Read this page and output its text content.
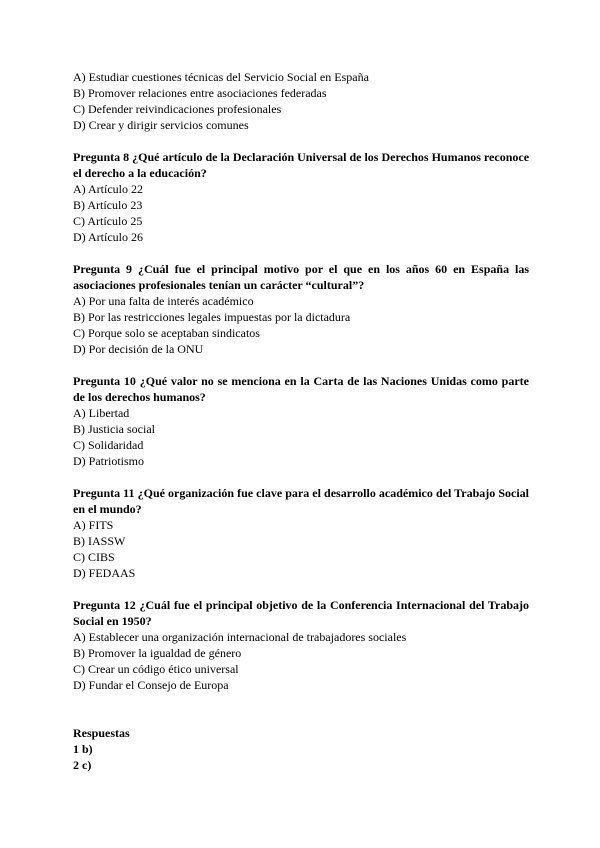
A) Estudiar cuestiones técnicas del Servicio Social en España
B) Promover relaciones entre asociaciones federadas
C) Defender reivindicaciones profesionales
D) Crear y dirigir servicios comunes
Pregunta 8 ¿Qué artículo de la Declaración Universal de los Derechos Humanos reconoce el derecho a la educación?
A) Artículo 22
B) Artículo 23
C) Artículo 25
D) Artículo 26
Pregunta 9 ¿Cuál fue el principal motivo por el que en los años 60 en España las asociaciones profesionales tenían un carácter “cultural”?
A) Por una falta de interés académico
B) Por las restricciones legales impuestas por la dictadura
C) Porque solo se aceptaban sindicatos
D) Por decisión de la ONU
Pregunta 10 ¿Qué valor no se menciona en la Carta de las Naciones Unidas como parte de los derechos humanos?
A) Libertad
B) Justicia social
C) Solidaridad
D) Patriotismo
Pregunta 11 ¿Qué organización fue clave para el desarrollo académico del Trabajo Social en el mundo?
A) FITS
B) IASSW
C) CIBS
D) FEDAAS
Pregunta 12 ¿Cuál fue el principal objetivo de la Conferencia Internacional del Trabajo Social en 1950?
A) Establecer una organización internacional de trabajadores sociales
B) Promover la igualdad de género
C) Crear un código ético universal
D) Fundar el Consejo de Europa
Respuestas
1 b)
2 c)
